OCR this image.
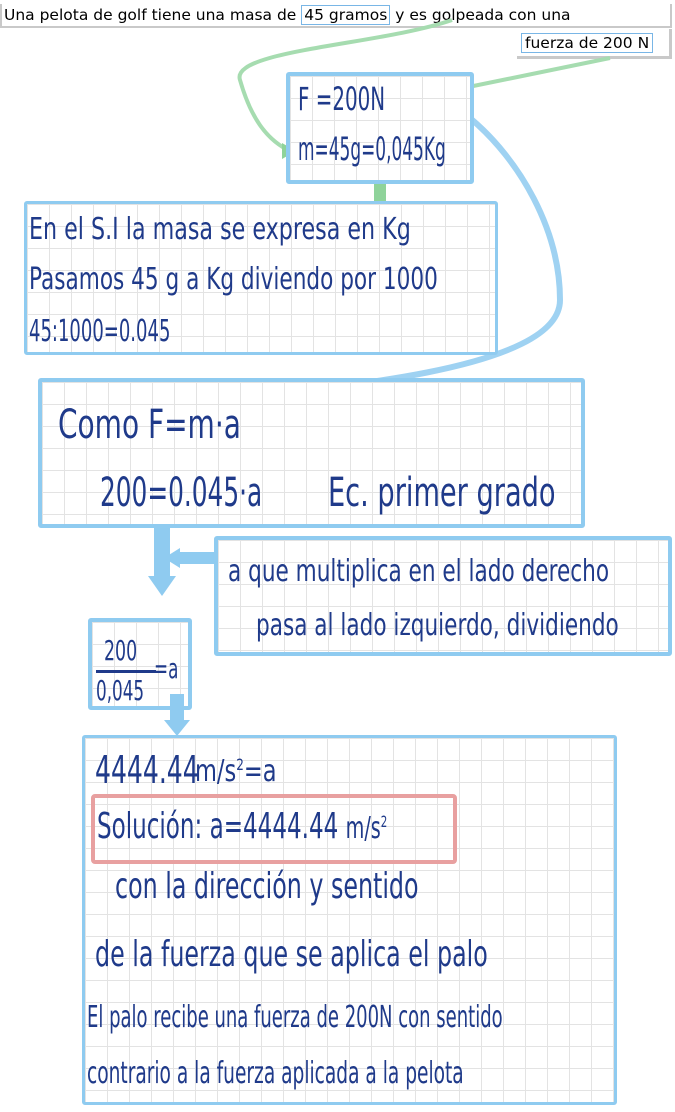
Una pelota de golf tiene una masa de 45 gramos y es golpeada con una
fuerza de 200 N
F =200N
m=45g=0,045Kg
En el S.I la masa se expresa en Kg
Pasamos 45 g a Kg diviendo por 1000
45:1000=0.045
Como F=m·a
200=0.045·a Ec. primer grado
a que multiplica en el lado derecho
pasa al lado izquierdo, dividiendo
200
0,045
=a
4444.44
$m/s^2=a$
Solución: a=4444.44 $m/s^2$
con la dirección y sentido
de la fuerza que se aplica el palo
El palo recibe una fuerza de 200N con sentido
contrario a la fuerza aplicada a la pelota
